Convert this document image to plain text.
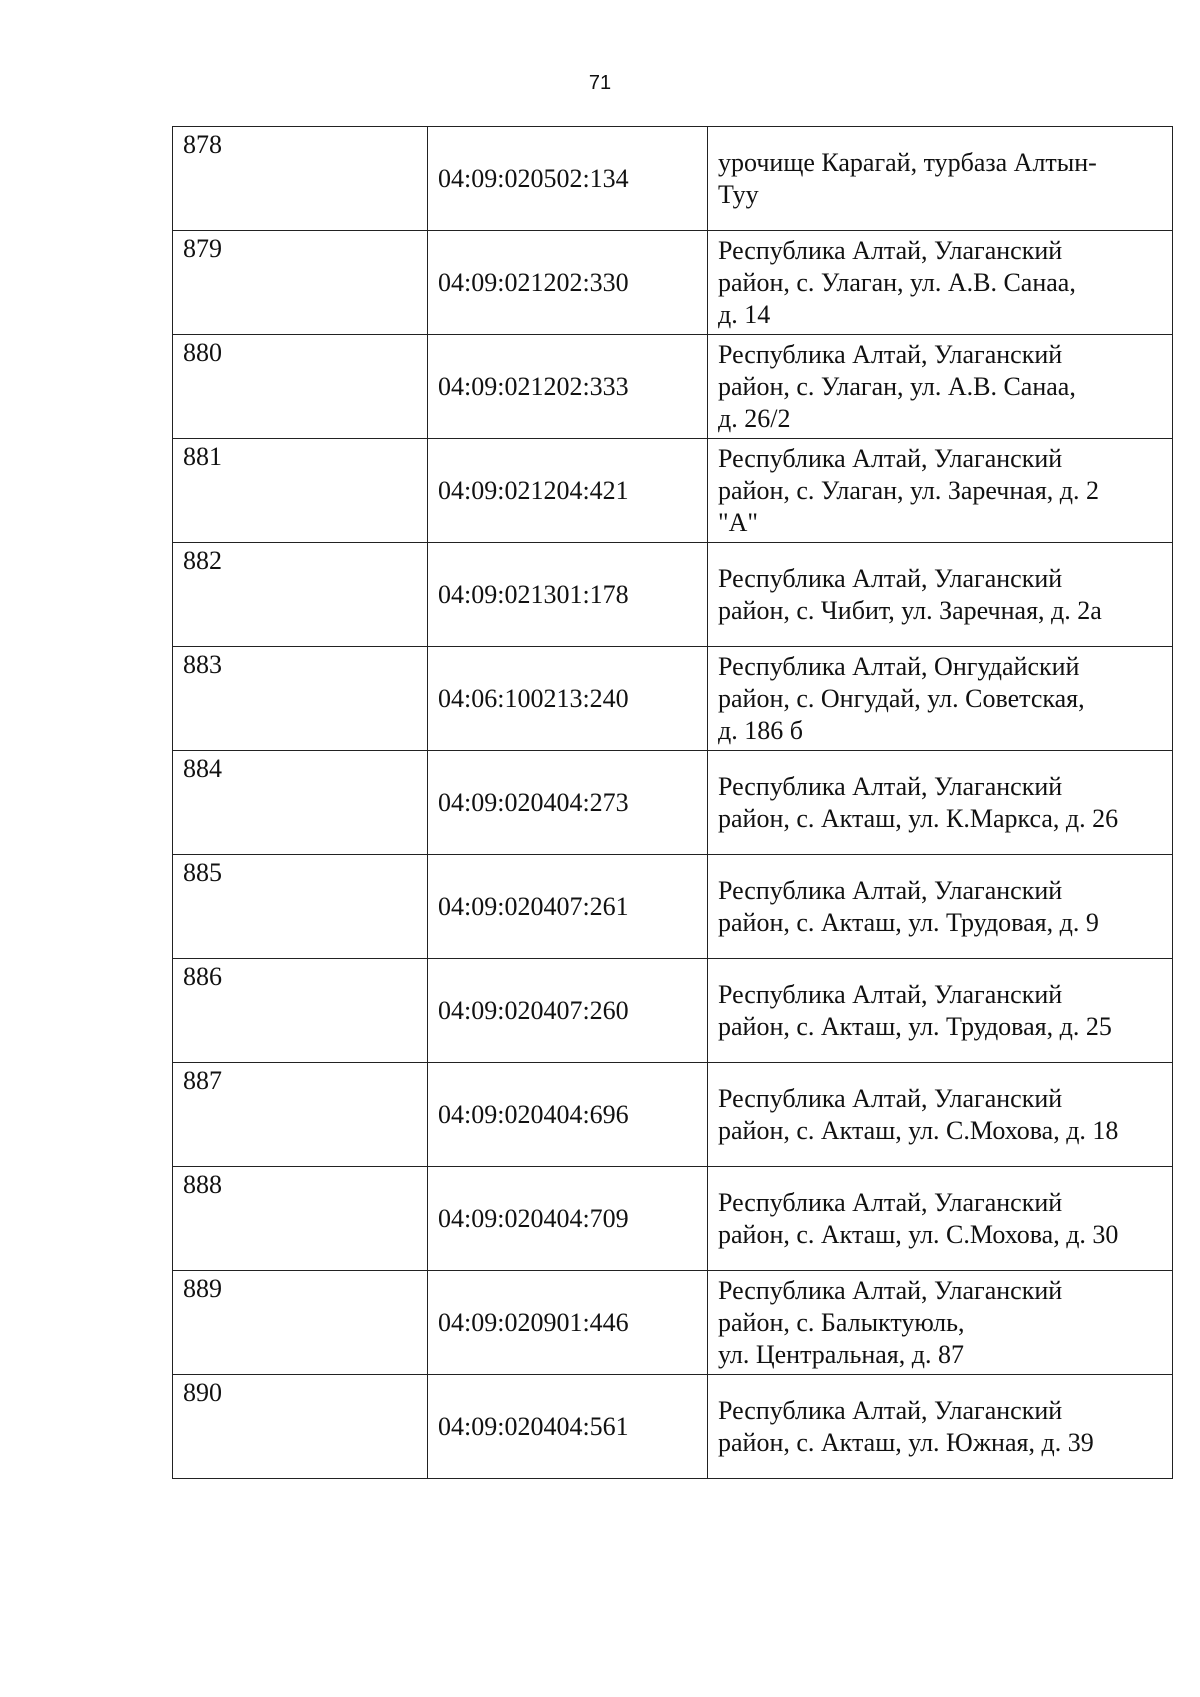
71
878	04:09:020502:134	урочище Карагай, турбаза Алтын-
Туу
879	04:09:021202:330	Республика Алтай, Улаганский
район, с. Улаган, ул. А.В. Санаа,
д. 14
880	04:09:021202:333	Республика Алтай, Улаганский
район, с. Улаган, ул. А.В. Санаа,
д. 26/2
881	04:09:021204:421	Республика Алтай, Улаганский
район, с. Улаган, ул. Заречная, д. 2
"А"
882	04:09:021301:178	Республика Алтай, Улаганский
район, с. Чибит, ул. Заречная, д. 2а
883	04:06:100213:240	Республика Алтай, Онгудайский
район, с. Онгудай, ул. Советская,
д. 186 б
884	04:09:020404:273	Республика Алтай, Улаганский
район, с. Акташ, ул. К.Маркса, д. 26
885	04:09:020407:261	Республика Алтай, Улаганский
район, с. Акташ, ул. Трудовая, д. 9
886	04:09:020407:260	Республика Алтай, Улаганский
район, с. Акташ, ул. Трудовая, д. 25
887	04:09:020404:696	Республика Алтай, Улаганский
район, с. Акташ, ул. С.Мохова, д. 18
888	04:09:020404:709	Республика Алтай, Улаганский
район, с. Акташ, ул. С.Мохова, д. 30
889	04:09:020901:446	Республика Алтай, Улаганский
район, с. Балыктуюль,
ул. Центральная, д. 87
890	04:09:020404:561	Республика Алтай, Улаганский
район, с. Акташ, ул. Южная, д. 39
